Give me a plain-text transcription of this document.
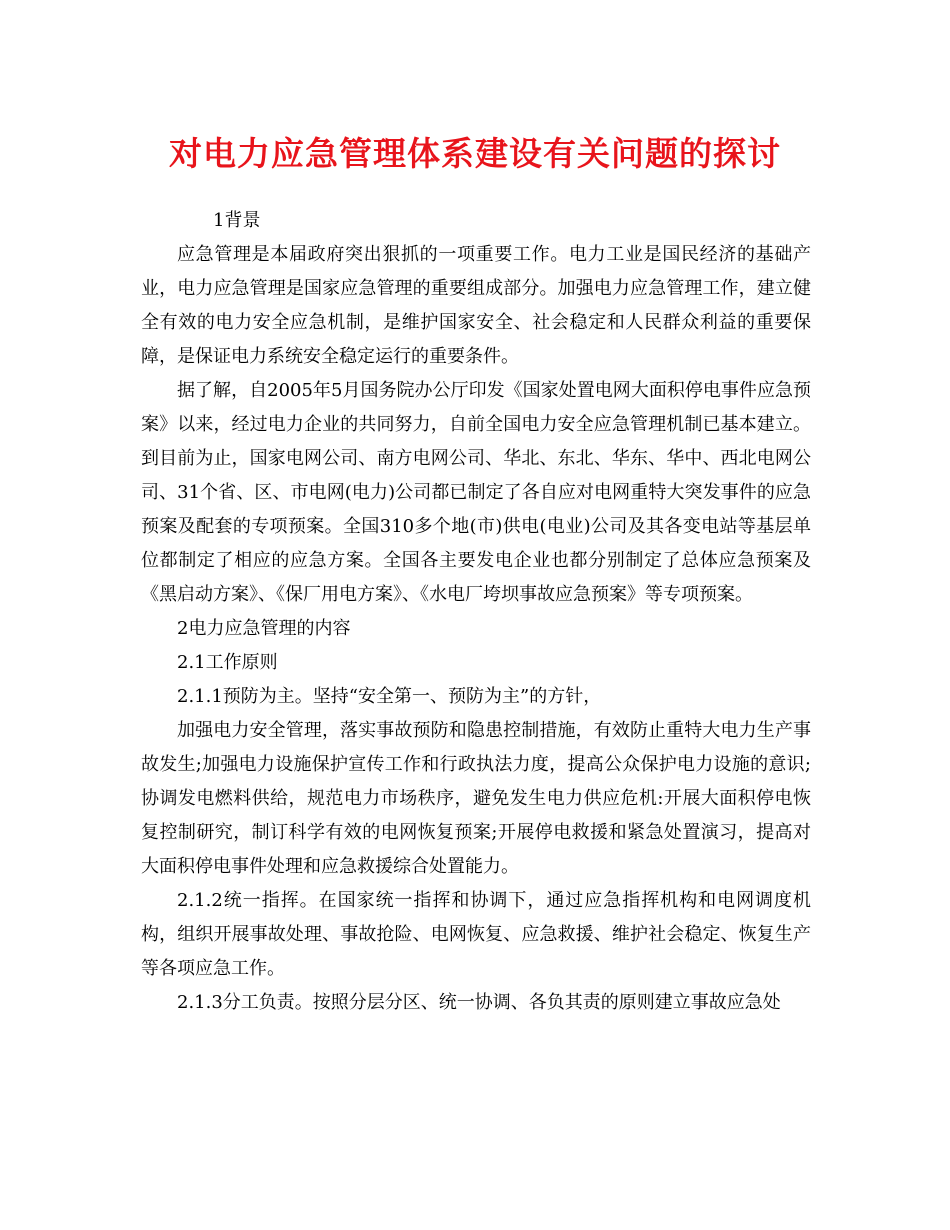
对电力应急管理体系建设有关问题的探讨

1背景

应急管理是本届政府突出狠抓的一项重要工作。电力工业是国民经济的基础产业，电力应急管理是国家应急管理的重要组成部分。加强电力应急管理工作，建立健全有效的电力安全应急机制，是维护国家安全、社会稳定和人民群众利益的重要保障，是保证电力系统安全稳定运行的重要条件。

据了解，自2005年5月国务院办公厅印发《国家处置电网大面积停电事件应急预案》以来，经过电力企业的共同努力，自前全国电力安全应急管理机制已基本建立。到目前为止，国家电网公司、南方电网公司、华北、东北、华东、华中、西北电网公司、31个省、区、市电网(电力)公司都已制定了各自应对电网重特大突发事件的应急预案及配套的专项预案。全国310多个地(市)供电(电业)公司及其各变电站等基层单位都制定了相应的应急方案。全国各主要发电企业也都分别制定了总体应急预案及《黑启动方案》、《保厂用电方案》、《水电厂垮坝事故应急预案》等专项预案。

2电力应急管理的内容

2.1工作原则

2.1.1预防为主。坚持“安全第一、预防为主”的方针，

加强电力安全管理，落实事故预防和隐患控制措施，有效防止重特大电力生产事故发生;加强电力设施保护宣传工作和行政执法力度，提高公众保护电力设施的意识;协调发电燃料供给，规范电力市场秩序，避免发生电力供应危机:开展大面积停电恢复控制研究，制订科学有效的电网恢复预案;开展停电救援和紧急处置演习，提高对大面积停电事件处理和应急救援综合处置能力。

2.1.2统一指挥。在国家统一指挥和协调下，通过应急指挥机构和电网调度机构，组织开展事故处理、事故抢险、电网恢复、应急救援、维护社会稳定、恢复生产等各项应急工作。

2.1.3分工负责。按照分层分区、统一协调、各负其责的原则建立事故应急处
